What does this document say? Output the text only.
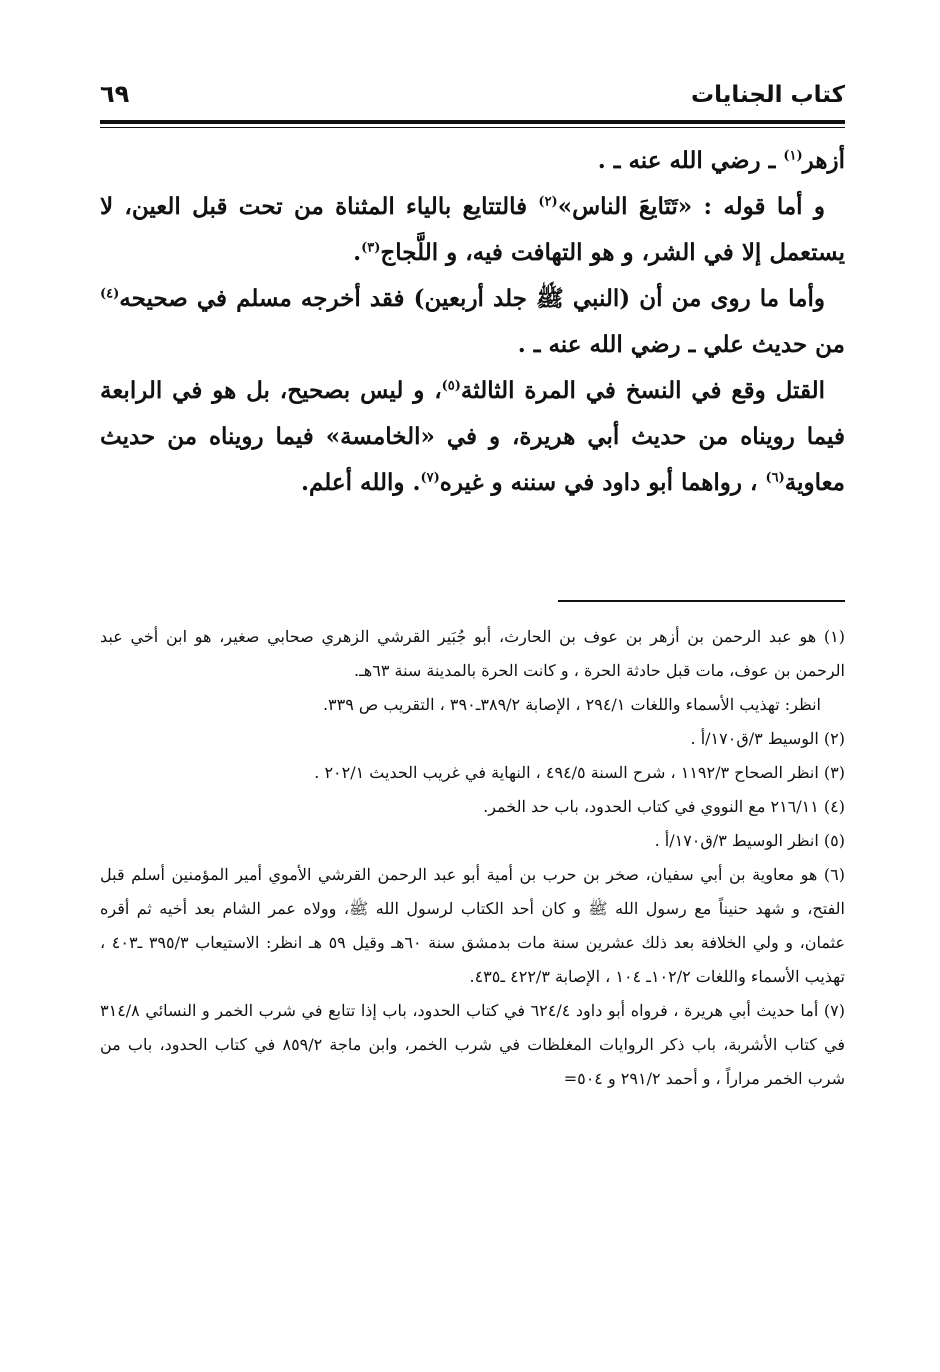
كتاب الجنايات
٦٩

أزهر$^{(١)}$ ـ رضي الله عنه ـ .

و أما قوله : «تَتَايعَ الناس»$^{(٢)}$ فالتتايع بالياء المثناة من تحت قبل العين، لا يستعمل إلا في الشر، و هو التهافت فيه، و اللَّجاج$^{(٣)}$.

وأما ما روى من أن (النبي ﷺ جلد أربعين) فقد أخرجه مسلم في صحيحه$^{(٤)}$ من حديث علي ـ رضي الله عنه ـ .

القتل وقع في النسخ في المرة الثالثة$^{(٥)}$، و ليس بصحيح، بل هو في الرابعة فيما رويناه من حديث أبي هريرة، و في «الخامسة» فيما رويناه من حديث معاوية$^{(٦)}$ ، رواهما أبو داود في سننه و غيره$^{(٧)}$. والله أعلم.

(١) هو عبد الرحمن بن أزهر بن عوف بن الحارث، أبو جُبَير القرشي الزهري صحابي صغير، هو ابن أخي عبد الرحمن بن عوف، مات قبل حادثة الحرة ، و كانت الحرة بالمدينة سنة ٦٣هـ.

انظر: تهذيب الأسماء واللغات ٢٩٤/١ ، الإصابة ٣٨٩/٢ـ٣٩٠ ، التقريب ص ٣٣٩.

(٢) الوسيط ٣/ق١٧٠/أ .

(٣) انظر الصحاح ١١٩٢/٣ ، شرح السنة ٤٩٤/٥ ، النهاية في غريب الحديث ٢٠٢/١ .

(٤) ٢١٦/١١ مع النووي في كتاب الحدود، باب حد الخمر.

(٥) انظر الوسيط ٣/ق١٧٠/أ .

(٦) هو معاوية بن أبي سفيان، صخر بن حرب بن أمية أبو عبد الرحمن القرشي الأموي أمير المؤمنين أسلم قبل الفتح، و شهد حنيناً مع رسول الله ﷺ و كان أحد الكتاب لرسول الله ﷺ، وولاه عمر الشام بعد أخيه ثم أقره عثمان، و ولي الخلافة بعد ذلك عشرين سنة مات بدمشق سنة ٦٠هـ وقيل ٥٩ هـ انظر: الاستيعاب ٣٩٥/٣ ـ٤٠٣ ، تهذيب الأسماء واللغات ١٠٢/٢ـ ١٠٤ ، الإصابة ٤٢٢/٣ ـ٤٣٥.

(٧) أما حديث أبي هريرة ، فرواه أبو داود ٦٢٤/٤ في كتاب الحدود، باب إذا تتابع في شرب الخمر و النسائي ٣١٤/٨ في كتاب الأشربة، باب ذكر الروايات المغلظات في شرب الخمر، وابن ماجة ٨٥٩/٢ في كتاب الحدود، باب من شرب الخمر مراراً ، و أحمد ٢٩١/٢ و ٥٠٤=
